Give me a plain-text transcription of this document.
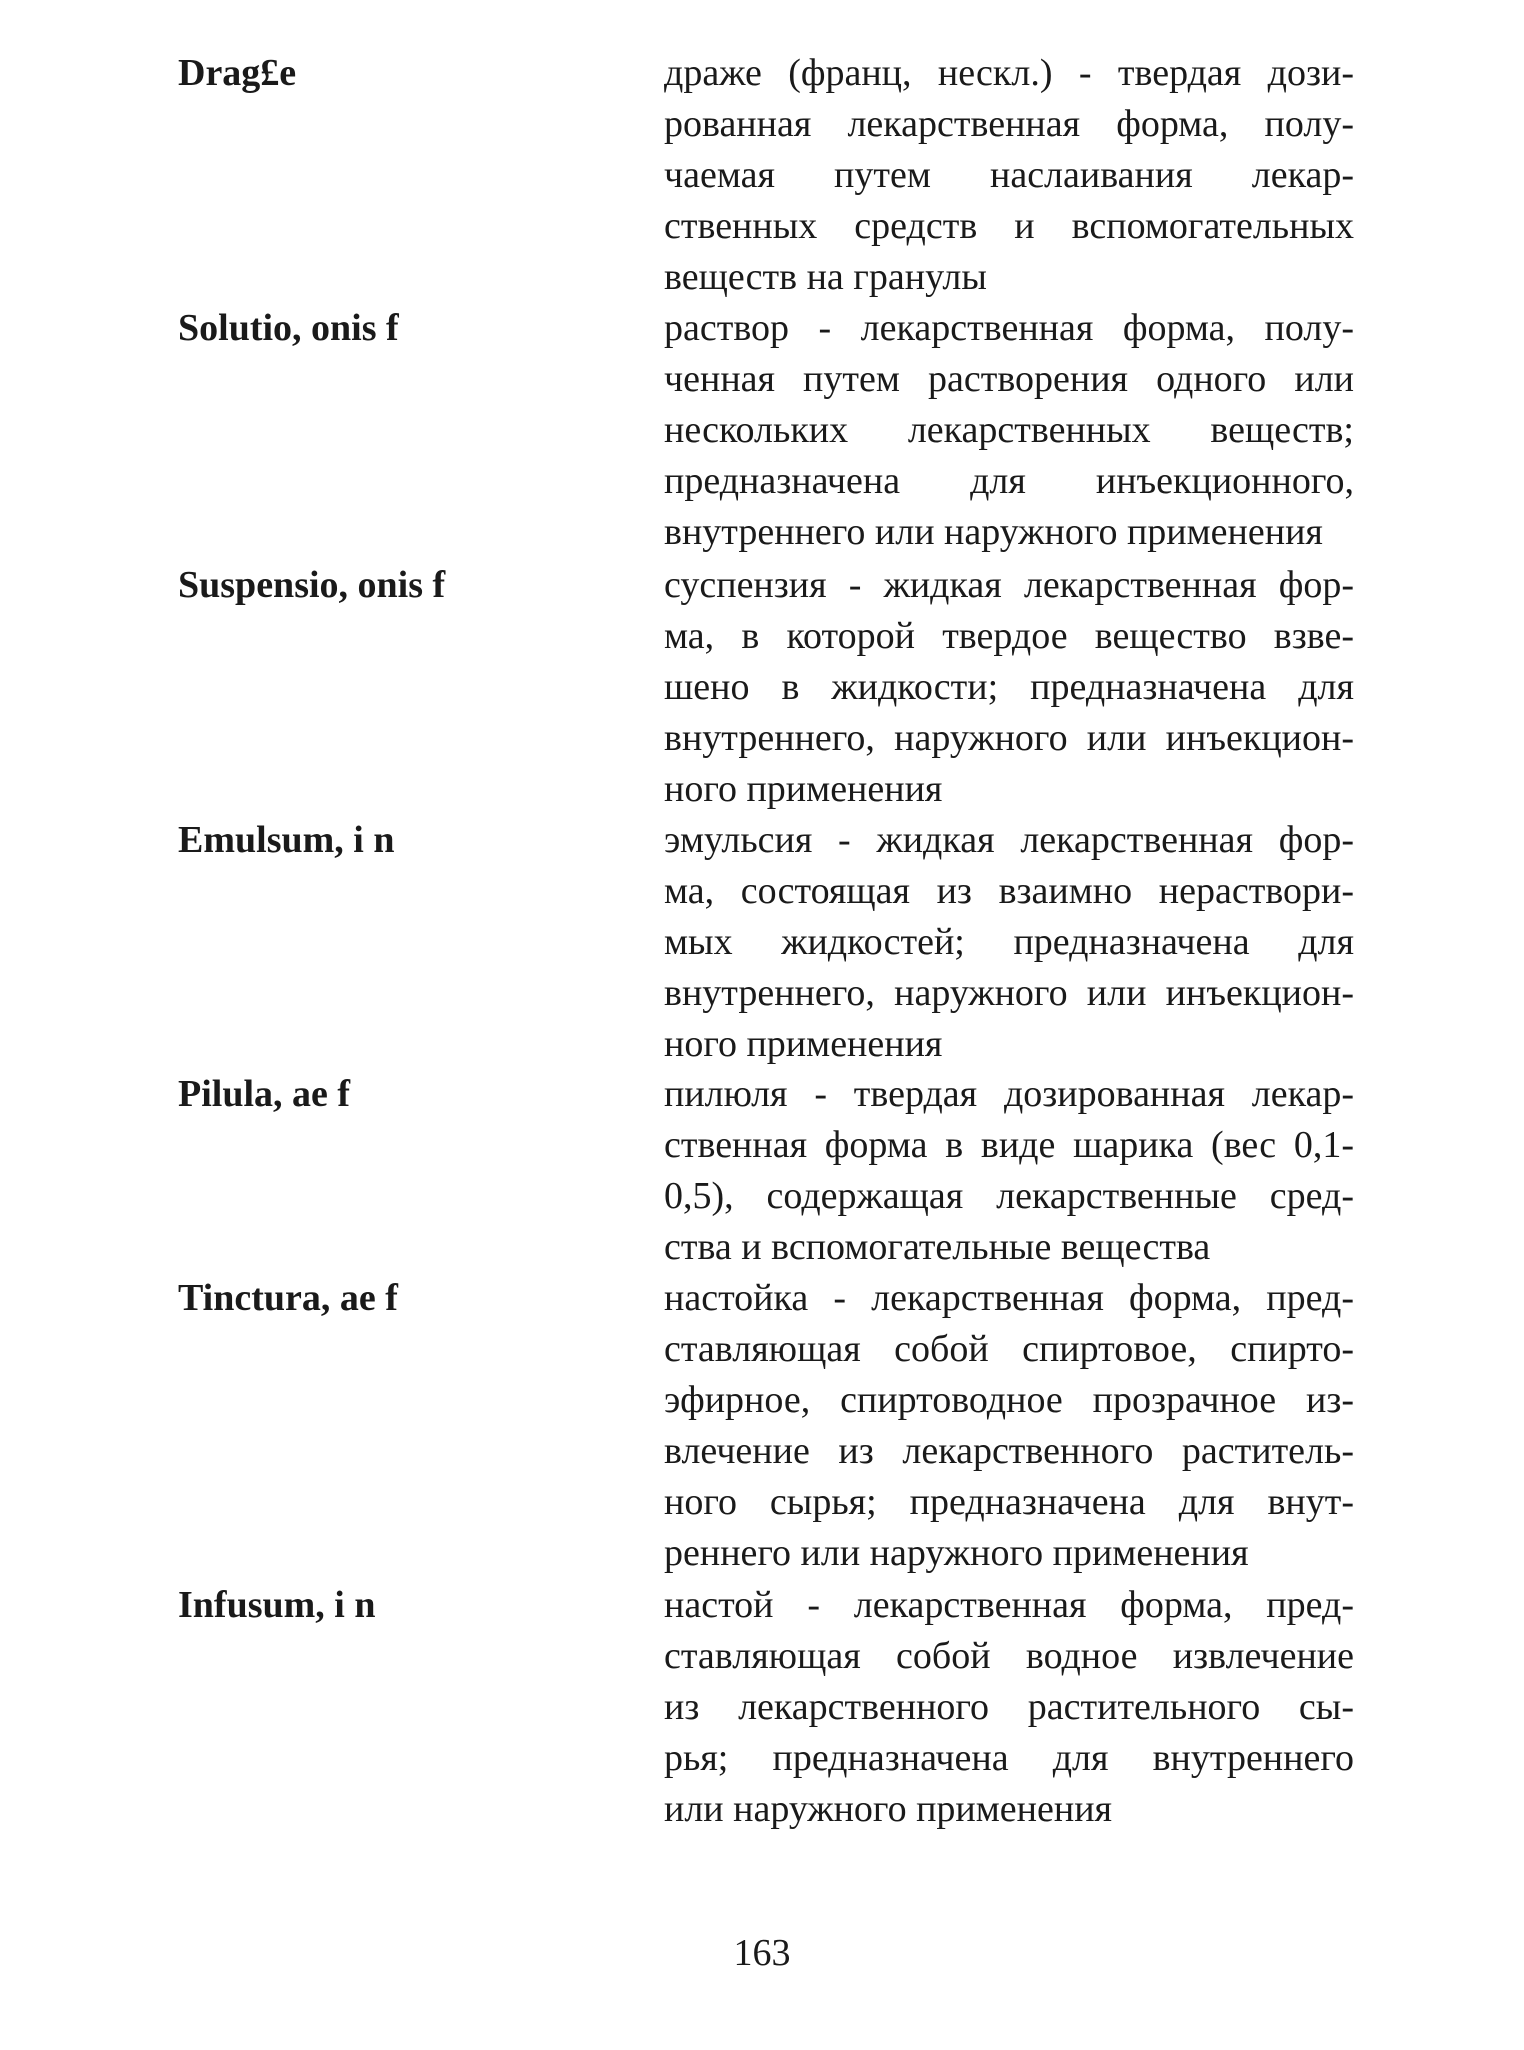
Drag£e	драже (франц, нескл.) - твердая дози-
рованная лекарственная форма, полу-
чаемая путем наслаивания лекар-
ственных средств и вспомогательных
веществ на гранулы
Solutio, onis f	раствор - лекарственная форма, полу-
ченная путем растворения одного или
нескольких лекарственных веществ;
предназначена для инъекционного,
внутреннего или наружного применения
Suspensio, onis f	суспензия - жидкая лекарственная фор-
ма, в которой твердое вещество взве-
шено в жидкости; предназначена для
внутреннего, наружного или инъекцион-
ного применения
Emulsum, i n	эмульсия - жидкая лекарственная фор-
ма, состоящая из взаимно нераствори-
мых жидкостей; предназначена для
внутреннего, наружного или инъекцион-
ного применения
Pilula, ae f	пилюля - твердая дозированная лекар-
ственная форма в виде шарика (вес 0,1-
0,5), содержащая лекарственные сред-
ства и вспомогательные вещества
Tinctura, ae f	настойка - лекарственная форма, пред-
ставляющая собой спиртовое, спирто-
эфирное, спиртоводное прозрачное из-
влечение из лекарственного раститель-
ного сырья; предназначена для внут-
реннего или наружного применения
Infusum, i n	настой - лекарственная форма, пред-
ставляющая собой водное извлечение
из лекарственного растительного сы-
рья; предназначена для внутреннего
или наружного применения
163
